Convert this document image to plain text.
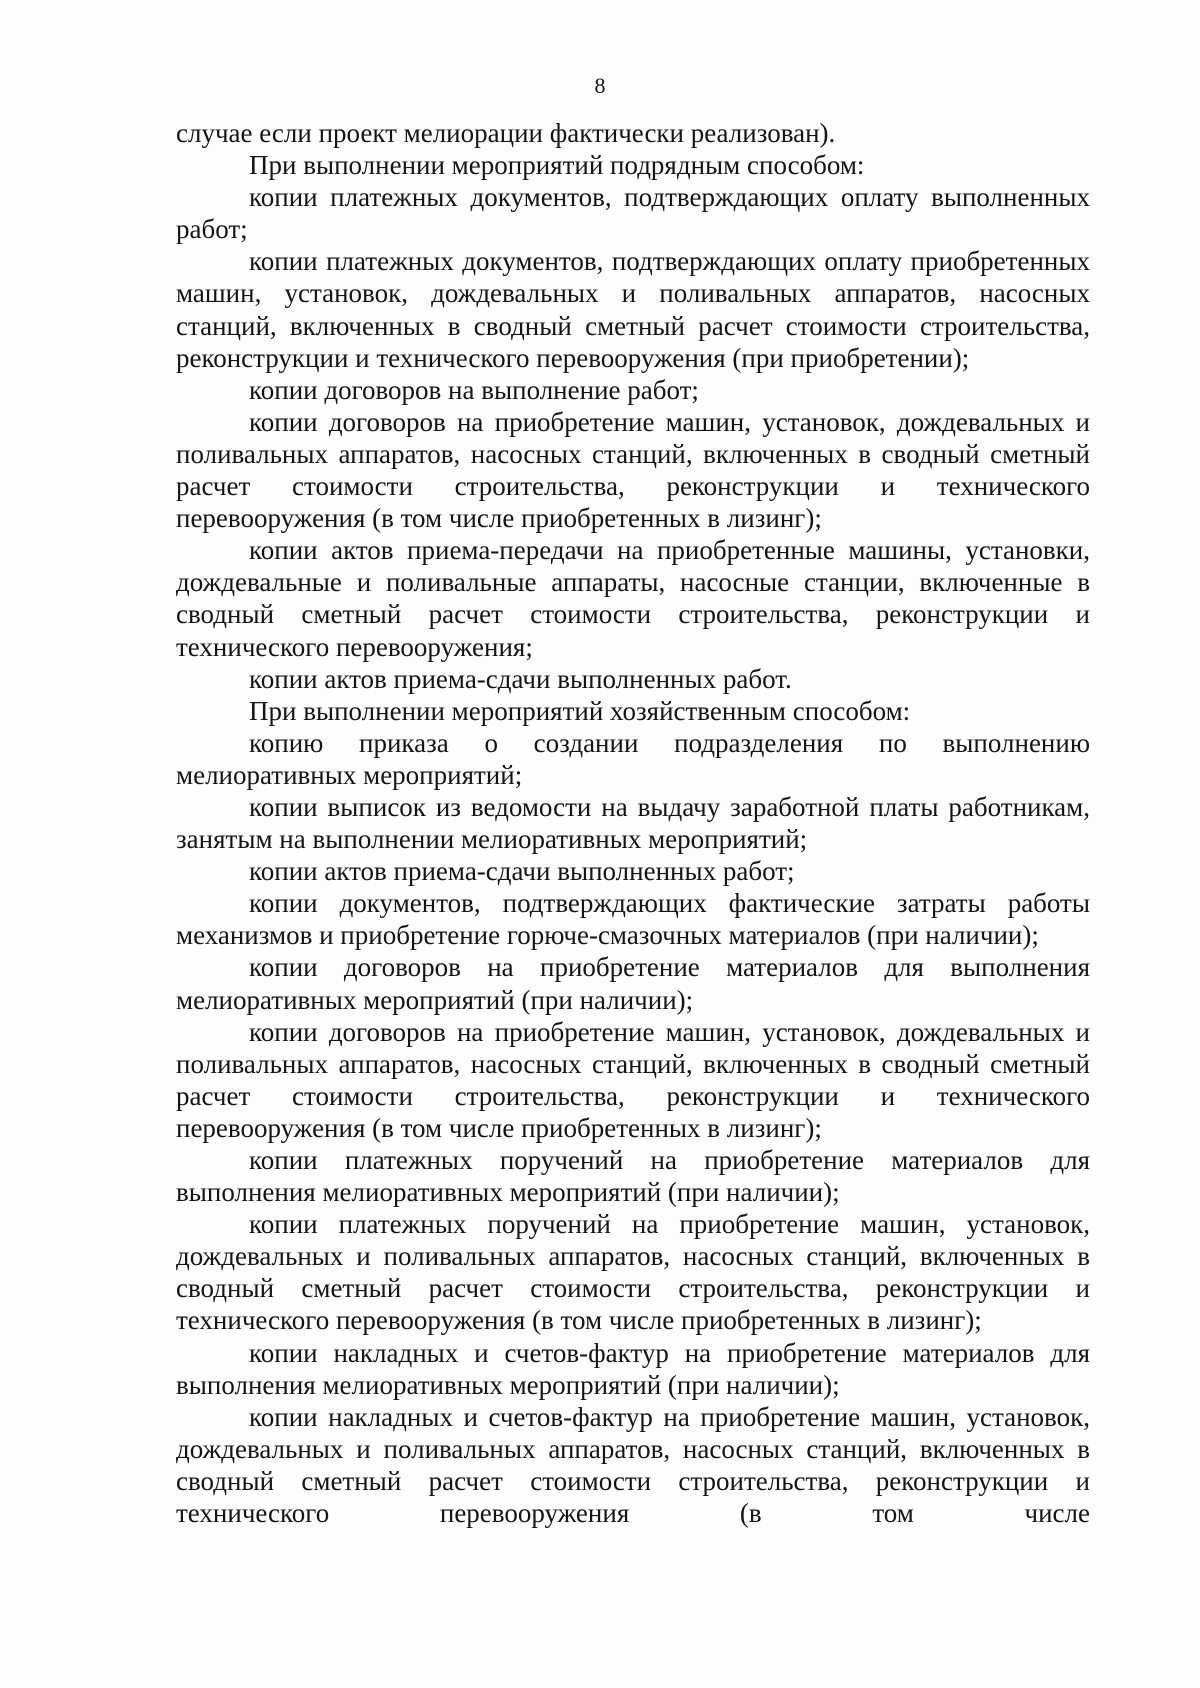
8

случае если проект мелиорации фактически реализован).

При выполнении мероприятий подрядным способом:

копии платежных документов, подтверждающих оплату выполненных работ;

копии платежных документов, подтверждающих оплату приобретенных машин, установок, дождевальных и поливальных аппаратов, насосных станций, включенных в сводный сметный расчет стоимости строительства, реконструкции и технического перевооружения (при приобретении);

копии договоров на выполнение работ;

копии договоров на приобретение машин, установок, дождевальных и поливальных аппаратов, насосных станций, включенных в сводный сметный расчет стоимости строительства, реконструкции и технического перевооружения (в том числе приобретенных в лизинг);

копии актов приема-передачи на приобретенные машины, установки, дождевальные и поливальные аппараты, насосные станции, включенные в сводный сметный расчет стоимости строительства, реконструкции и технического перевооружения;

копии актов приема-сдачи выполненных работ.

При выполнении мероприятий хозяйственным способом:

копию приказа о создании подразделения по выполнению мелиоративных мероприятий;

копии выписок из ведомости на выдачу заработной платы работникам, занятым на выполнении мелиоративных мероприятий;

копии актов приема-сдачи выполненных работ;

копии документов, подтверждающих фактические затраты работы механизмов и приобретение горюче-смазочных материалов (при наличии);

копии договоров на приобретение материалов для выполнения мелиоративных мероприятий (при наличии);

копии договоров на приобретение машин, установок, дождевальных и поливальных аппаратов, насосных станций, включенных в сводный сметный расчет стоимости строительства, реконструкции и технического перевооружения (в том числе приобретенных в лизинг);

копии платежных поручений на приобретение материалов для выполнения мелиоративных мероприятий (при наличии);

копии платежных поручений на приобретение машин, установок, дождевальных и поливальных аппаратов, насосных станций, включенных в сводный сметный расчет стоимости строительства, реконструкции и технического перевооружения (в том числе приобретенных в лизинг);

копии накладных и счетов-фактур на приобретение материалов для выполнения мелиоративных мероприятий (при наличии);

копии накладных и счетов-фактур на приобретение машин, установок, дождевальных и поливальных аппаратов, насосных станций, включенных в сводный сметный расчет стоимости строительства, реконструкции и технического перевооружения (в том числе
